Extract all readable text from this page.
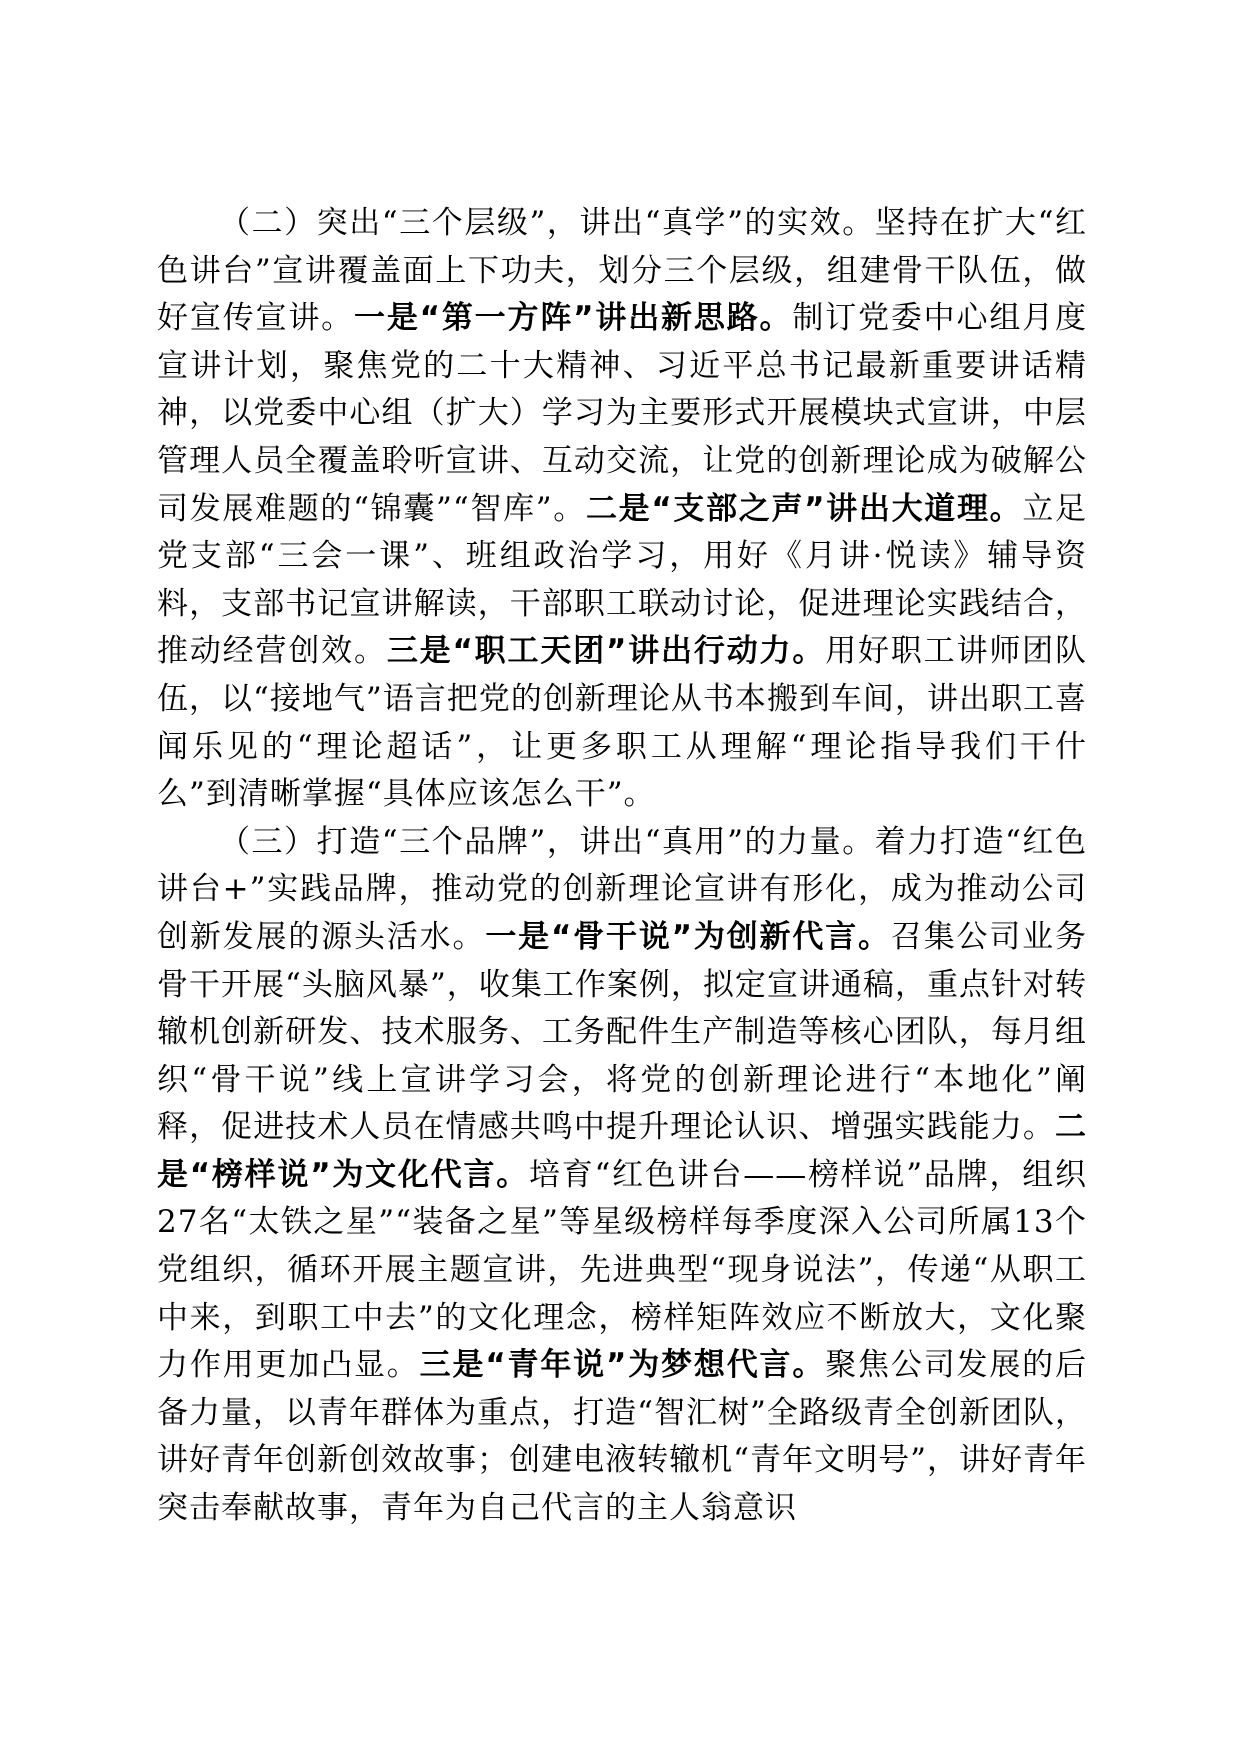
（二）突出“三个层级”，讲出“真学”的实效。坚持在扩大“红色讲台”宣讲覆盖面上下功夫，划分三个层级，组建骨干队伍，做好宣传宣讲。一是“第一方阵”讲出新思路。制订党委中心组月度宣讲计划，聚焦党的二十大精神、习近平总书记最新重要讲话精神，以党委中心组（扩大）学习为主要形式开展模块式宣讲，中层管理人员全覆盖聆听宣讲、互动交流，让党的创新理论成为破解公司发展难题的“锦囊”“智库”。二是“支部之声”讲出大道理。立足党支部“三会一课”、班组政治学习，用好《月讲·悦读》辅导资料，支部书记宣讲解读，干部职工联动讨论，促进理论实践结合，推动经营创效。三是“职工天团”讲出行动力。用好职工讲师团队伍，以“接地气”语言把党的创新理论从书本搬到车间，讲出职工喜闻乐见的“理论超话”，让更多职工从理解“理论指导我们干什么”到清晰掌握“具体应该怎么干”。

（三）打造“三个品牌”，讲出“真用”的力量。着力打造“红色讲台+”实践品牌，推动党的创新理论宣讲有形化，成为推动公司创新发展的源头活水。一是“骨干说”为创新代言。召集公司业务骨干开展“头脑风暴”，收集工作案例，拟定宣讲通稿，重点针对转辙机创新研发、技术服务、工务配件生产制造等核心团队，每月组织“骨干说”线上宣讲学习会，将党的创新理论进行“本地化”阐释，促进技术人员在情感共鸣中提升理论认识、增强实践能力。二是“榜样说”为文化代言。培育“红色讲台——榜样说”品牌，组织27名“太铁之星”“装备之星”等星级榜样每季度深入公司所属13个党组织，循环开展主题宣讲，先进典型“现身说法”，传递“从职工中来，到职工中去”的文化理念，榜样矩阵效应不断放大，文化聚力作用更加凸显。三是“青年说”为梦想代言。聚焦公司发展的后备力量，以青年群体为重点，打造“智汇树”全路级青全创新团队，讲好青年创新创效故事；创建电液转辙机“青年文明号”，讲好青年突击奉献故事，青年为自己代言的主人翁意识
